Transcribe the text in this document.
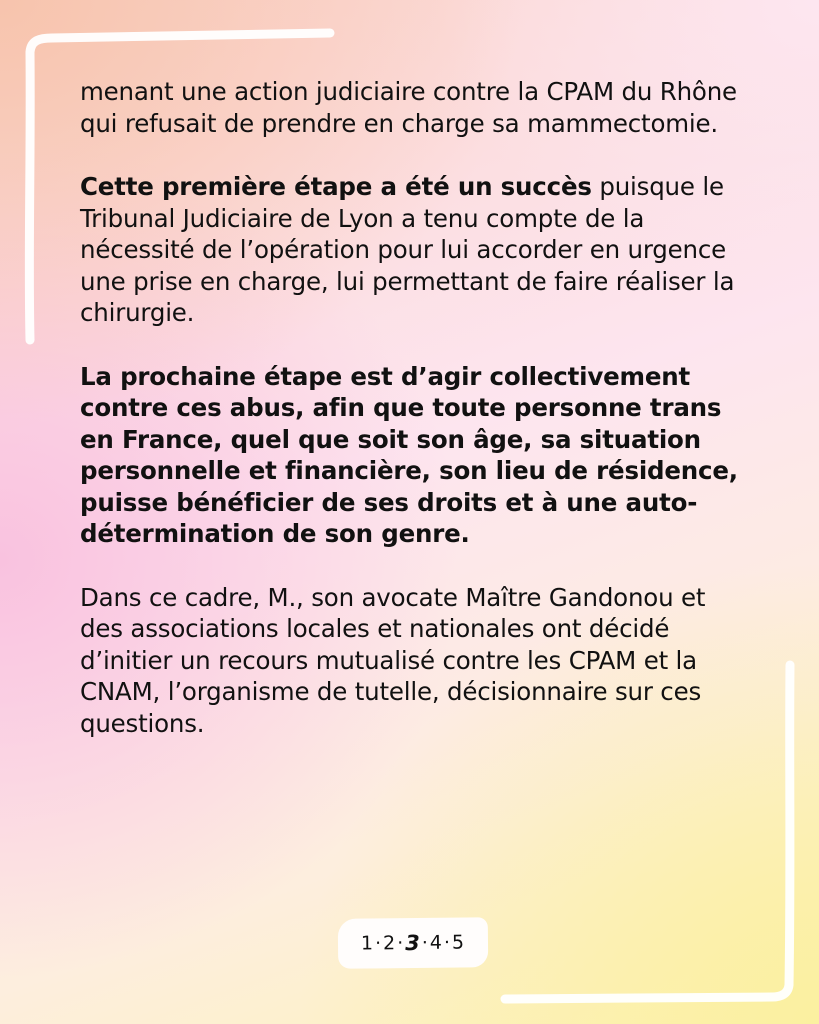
menant une action judiciaire contre la CPAM du Rhône qui refusait de prendre en charge sa mammectomie.

Cette première étape a été un succès puisque le Tribunal Judiciaire de Lyon a tenu compte de la nécessité de l’opération pour lui accorder en urgence une prise en charge, lui permettant de faire réaliser la chirurgie.

La prochaine étape est d’agir collectivement contre ces abus, afin que toute personne trans en France, quel que soit son âge, sa situation personnelle et financière, son lieu de résidence, puisse bénéficier de ses droits et à une auto-détermination de son genre.

Dans ce cadre, M., son avocate Maître Gandonou et des associations locales et nationales ont décidé d’initier un recours mutualisé contre les CPAM et la CNAM, l’organisme de tutelle, décisionnaire sur ces questions.

1 · 2 · 3 · 4 · 5
